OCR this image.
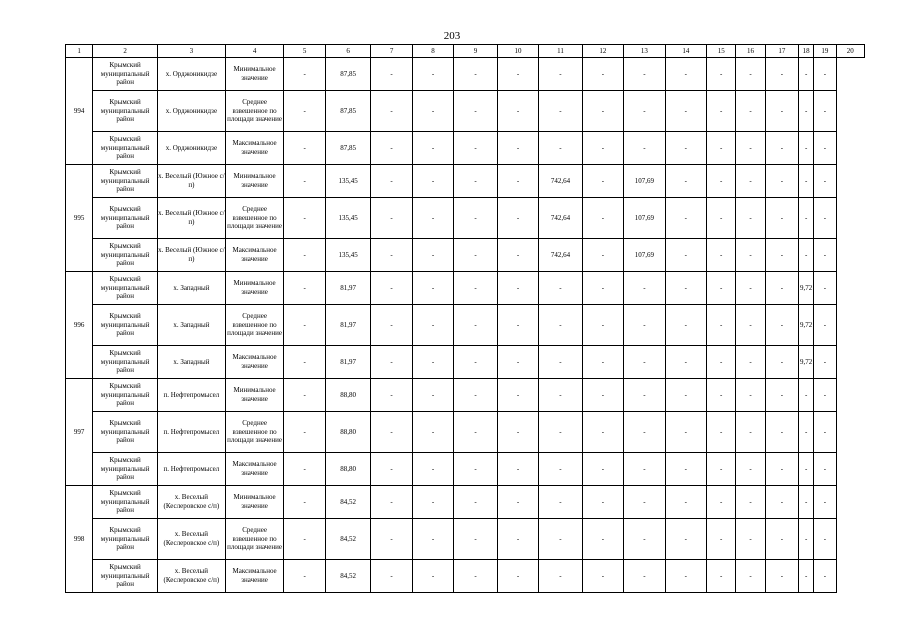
203
1	2	3	4	5	6	7	8	9	10	11	12	13	14	15	16	17	18	19	20
994	Крымский муниципальный район	х. Орджоникидзе	Минимальное значение	-	87,85	-	-	-	-	-	-	-	-	-	-	-	-	-	
	Крымский муниципальный район	х. Орджоникидзе	Среднее взвешенное по площади значение	-	87,85	-	-	-	-	-	-	-	-	-	-	-	-	-	
	Крымский муниципальный район	х. Орджоникидзе	Максимальное значение	-	87,85	-	-	-	-	-	-	-	-	-	-	-	-	-	
995	Крымский муниципальный район	х. Веселый (Южное с/п)	Минимальное значение	-	135,45	-	-	-	-	742,64	-	107,69	-	-	-	-	-	-	
	Крымский муниципальный район	х. Веселый (Южное с/п)	Среднее взвешенное по площади значение	-	135,45	-	-	-	-	742,64	-	107,69	-	-	-	-	-	-	
	Крымский муниципальный район	х. Веселый (Южное с/п)	Максимальное значение	-	135,45	-	-	-	-	742,64	-	107,69	-	-	-	-	-	-	
996	Крымский муниципальный район	х. Западный	Минимальное значение	-	81,97	-	-	-	-	-	-	-	-	-	-	-	9,72	-	
	Крымский муниципальный район	х. Западный	Среднее взвешенное по площади значение	-	81,97	-	-	-	-	-	-	-	-	-	-	-	9,72	-	
	Крымский муниципальный район	х. Западный	Максимальное значение	-	81,97	-	-	-	-	-	-	-	-	-	-	-	9,72	-	
997	Крымский муниципальный район	п. Нефтепромысел	Минимальное значение	-	88,80	-	-	-	-	-	-	-	-	-	-	-	-	-	
	Крымский муниципальный район	п. Нефтепромысел	Среднее взвешенное по площади значение	-	88,80	-	-	-	-	-	-	-	-	-	-	-	-	-	
	Крымский муниципальный район	п. Нефтепромысел	Максимальное значение	-	88,80	-	-	-	-	-	-	-	-	-	-	-	-	-	
998	Крымский муниципальный район	х. Веселый (Кеслеровское с/п)	Минимальное значение	-	84,52	-	-	-	-	-	-	-	-	-	-	-	-	-	
	Крымский муниципальный район	х. Веселый (Кеслеровское с/п)	Среднее взвешенное по площади значение	-	84,52	-	-	-	-	-	-	-	-	-	-	-	-	-	
	Крымский муниципальный район	х. Веселый (Кеслеровское с/п)	Максимальное значение	-	84,52	-	-	-	-	-	-	-	-	-	-	-	-	-	
